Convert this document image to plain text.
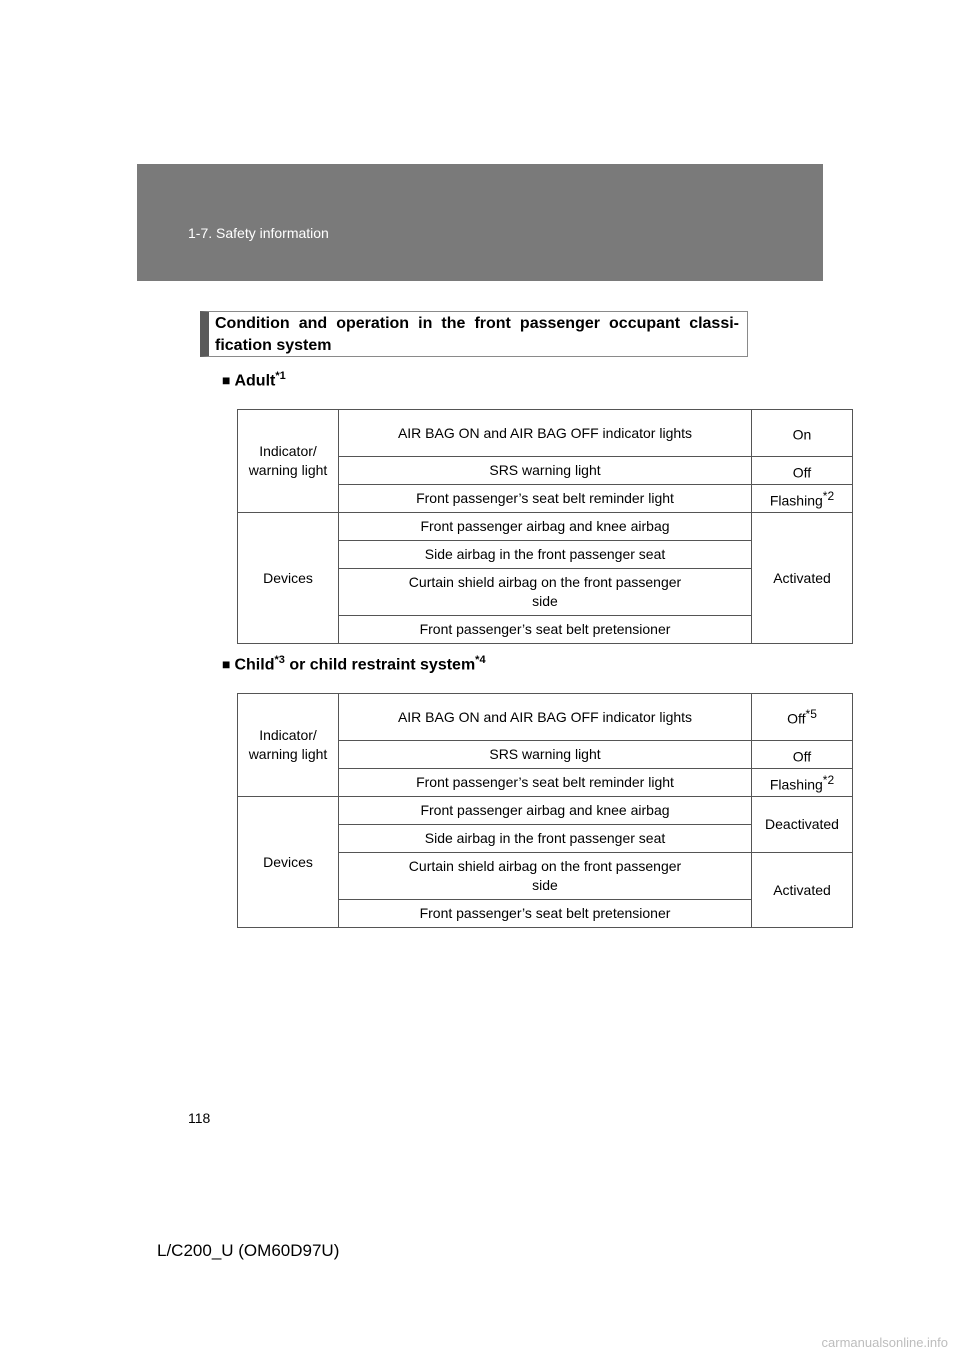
1-7. Safety information
Condition and operation in the front passenger occupant classi-fication system
■ Adult$^{*1}$
Indicator/ warning light	AIR BAG ON and AIR BAG OFF indicator lights	On
	SRS warning light	Off
	Front passenger’s seat belt reminder light	Flashing$^{*2}$
Devices	Front passenger airbag and knee airbag	Activated
	Side airbag in the front passenger seat	
	Curtain shield airbag on the front passenger side	
	Front passenger’s seat belt pretensioner	
■ Child$^{*3}$ or child restraint system$^{*4}$
Indicator/ warning light	AIR BAG ON and AIR BAG OFF indicator lights	Off$^{*5}$
	SRS warning light	Off
	Front passenger’s seat belt reminder light	Flashing$^{*2}$
Devices	Front passenger airbag and knee airbag	Deactivated
	Side airbag in the front passenger seat	
	Curtain shield airbag on the front passenger side	Activated
	Front passenger’s seat belt pretensioner	
118
L/C200_U (OM60D97U)
carmanualsonline.info
